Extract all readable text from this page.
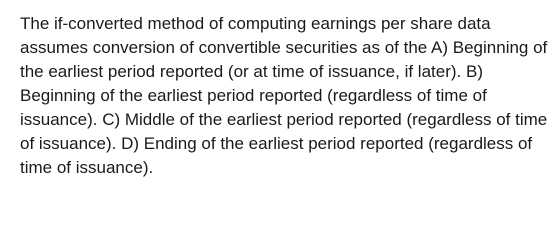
The if-converted method of computing earnings per share data assumes conversion of convertible securities as of the A) Beginning of the earliest period reported (or at time of issuance, if later). B) Beginning of the earliest period reported (regardless of time of issuance). C) Middle of the earliest period reported (regardless of time of issuance). D) Ending of the earliest period reported (regardless of time of issuance).
